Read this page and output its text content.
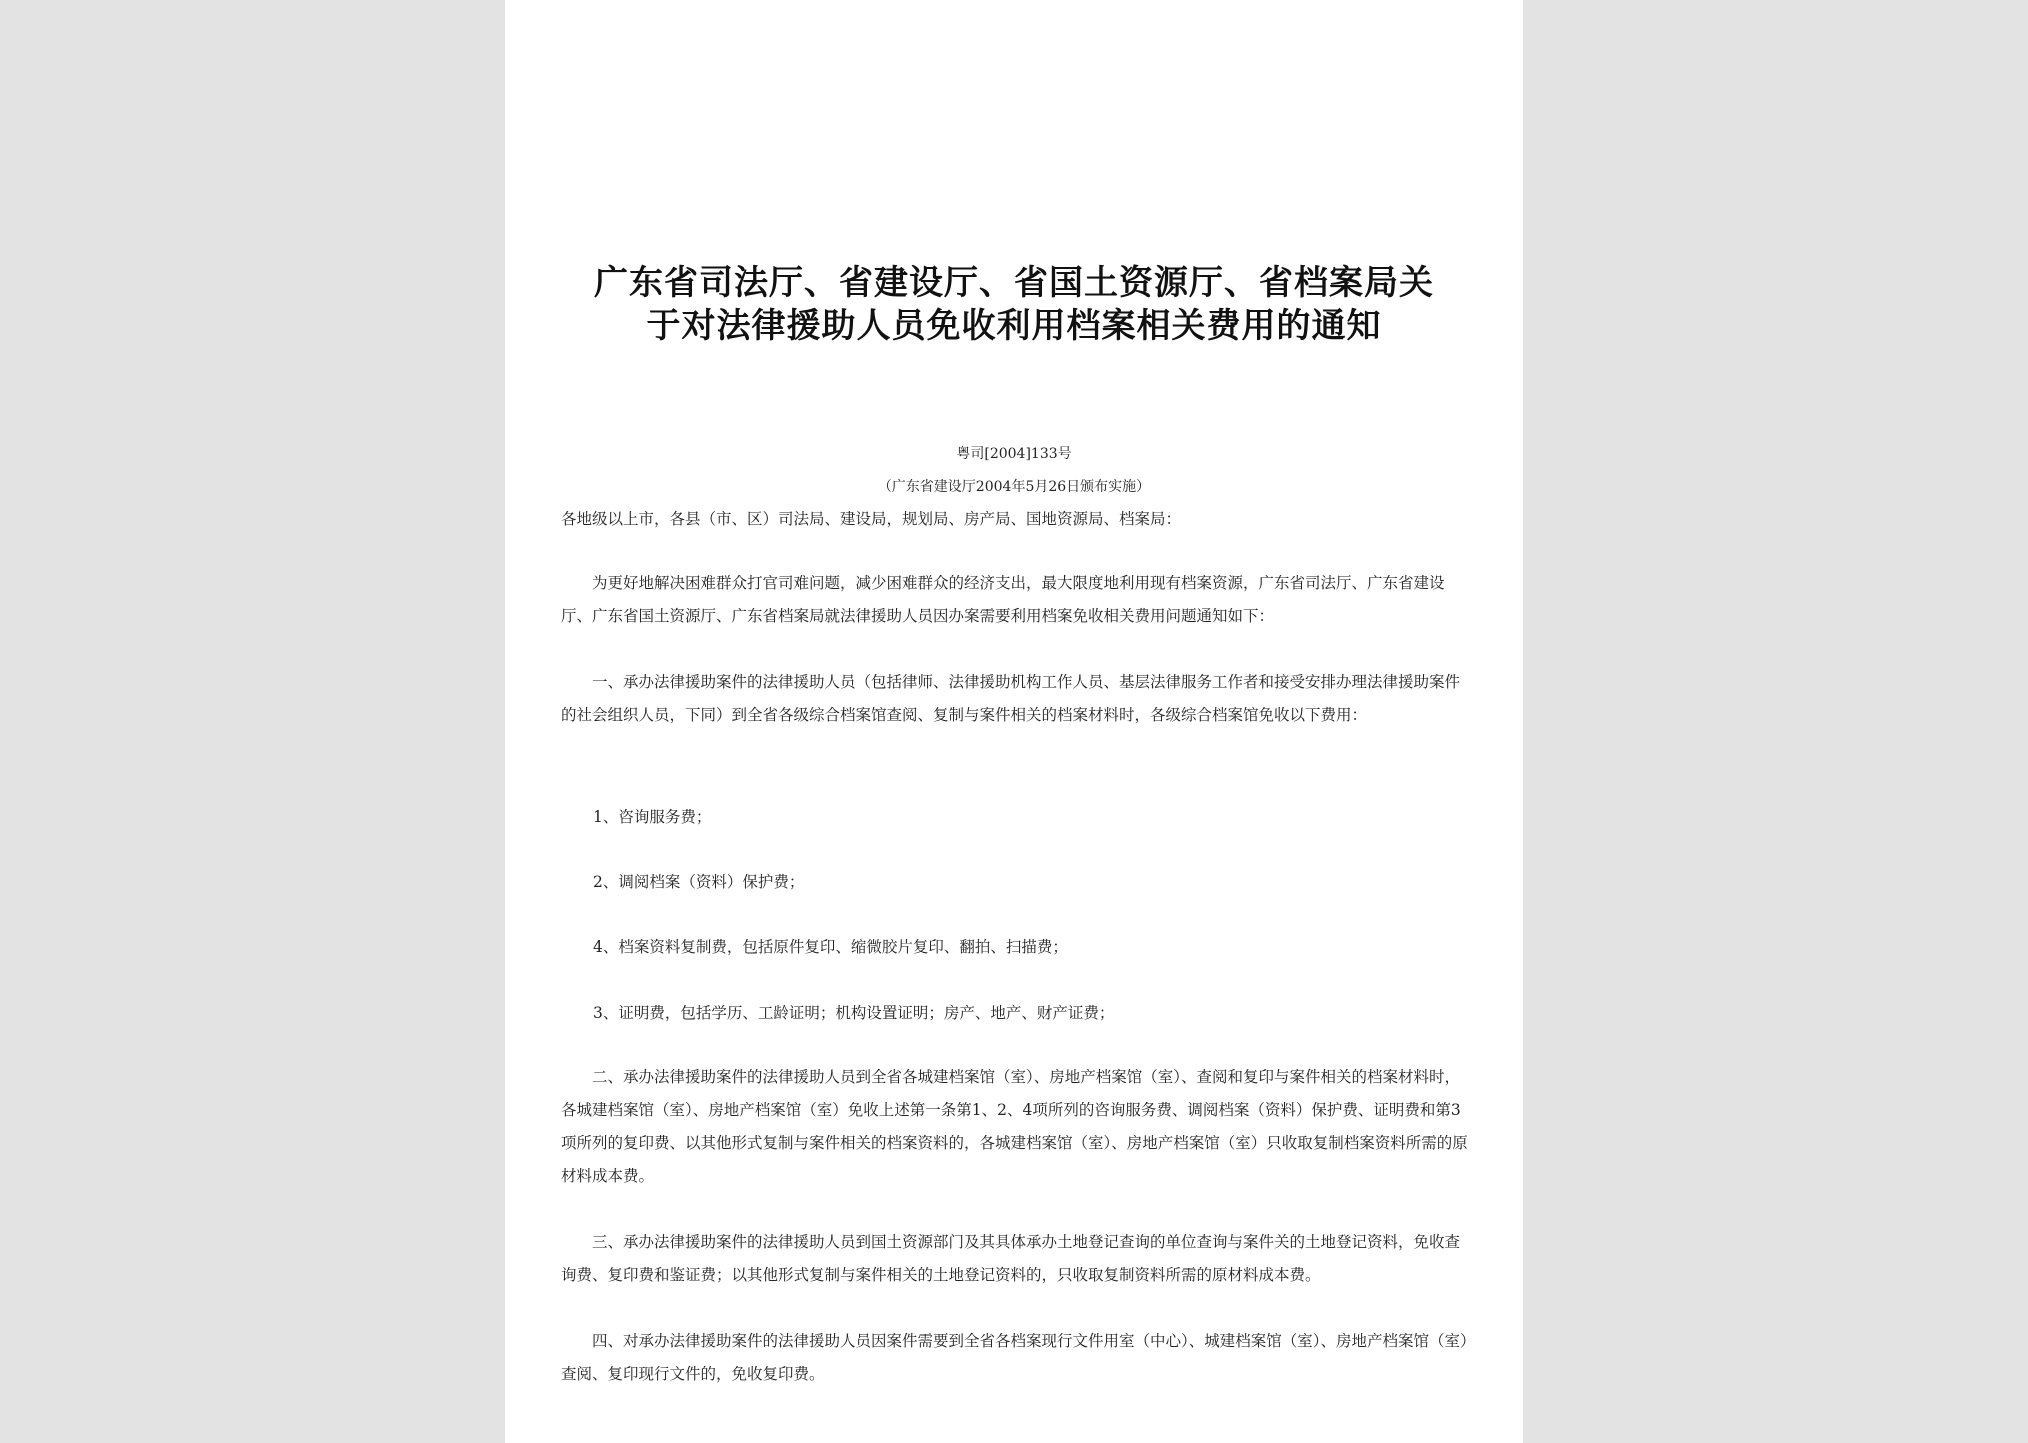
广东省司法厅、省建设厅、省国土资源厅、省档案局关
于对法律援助人员免收利用档案相关费用的通知
粤司[2004]133号
（广东省建设厅2004年5月26日颁布实施）
各地级以上市，各县（市、区）司法局、建设局，规划局、房产局、国地资源局、档案局：
为更好地解决困难群众打官司难问题，减少困难群众的经济支出，最大限度地利用现有档案资源，广东省司法厅、广东省建设厅、广东省国土资源厅、广东省档案局就法律援助人员因办案需要利用档案免收相关费用问题通知如下：
一、承办法律援助案件的法律援助人员（包括律师、法律援助机构工作人员、基层法律服务工作者和接受安排办理法律援助案件的社会组织人员，下同）到全省各级综合档案馆查阅、复制与案件相关的档案材料时，各级综合档案馆免收以下费用：
1、咨询服务费；
2、调阅档案（资料）保护费；
4、档案资料复制费，包括原件复印、缩微胶片复印、翻拍、扫描费；
3、证明费，包括学历、工龄证明；机构设置证明；房产、地产、财产证费；
二、承办法律援助案件的法律援助人员到全省各城建档案馆（室）、房地产档案馆（室）、查阅和复印与案件相关的档案材料时，各城建档案馆（室）、房地产档案馆（室）免收上述第一条第1、2、4项所列的咨询服务费、调阅档案（资料）保护费、证明费和第3项所列的复印费、以其他形式复制与案件相关的档案资料的，各城建档案馆（室）、房地产档案馆（室）只收取复制档案资料所需的原材料成本费。
三、承办法律援助案件的法律援助人员到国土资源部门及其具体承办土地登记查询的单位查询与案件关的土地登记资料，免收查询费、复印费和鉴证费；以其他形式复制与案件相关的土地登记资料的，只收取复制资料所需的原材料成本费。
四、对承办法律援助案件的法律援助人员因案件需要到全省各档案现行文件用室（中心）、城建档案馆（室）、房地产档案馆（室）查阅、复印现行文件的，免收复印费。
